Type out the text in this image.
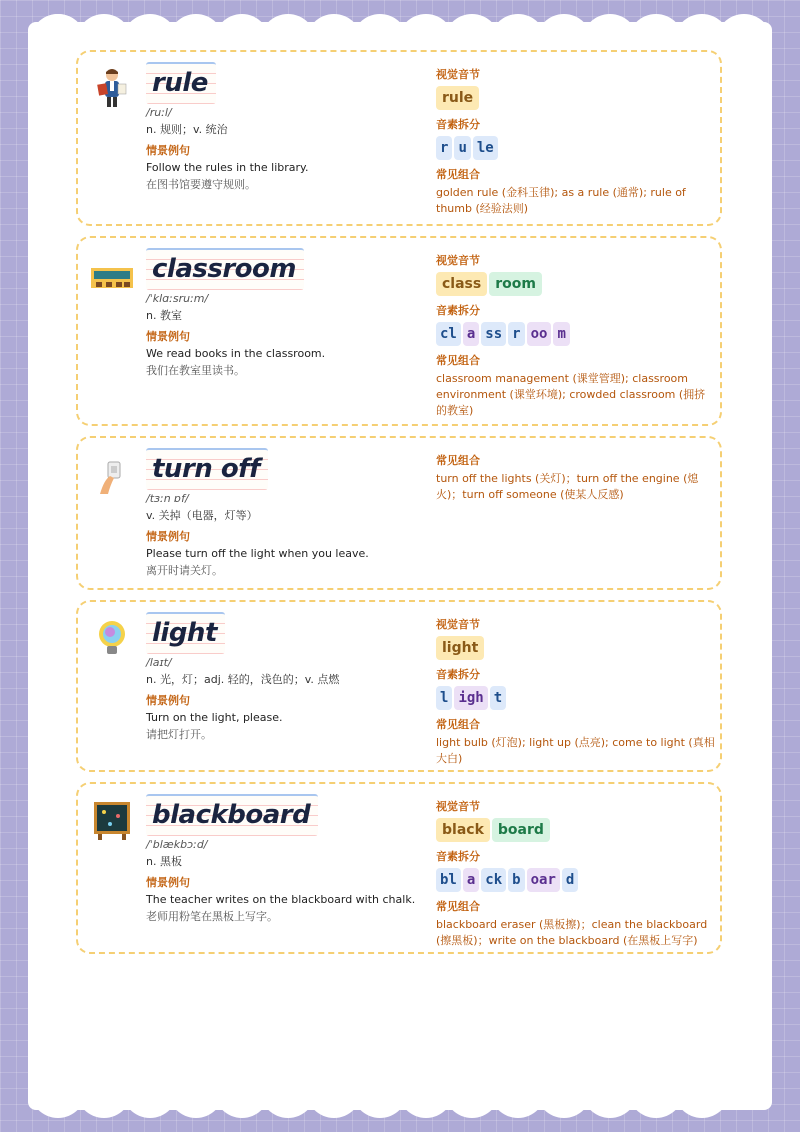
rule
/ruːl/
n. 规则；v. 统治
情景例句
Follow the rules in the library.
在图书馆要遵守规则。
视觉音节
rule
音素拆分
r u le
常见组合
golden rule (金科玉律); as a rule (通常); rule of thumb (经验法则)
classroom
/ˈklɑːsruːm/
n. 教室
情景例句
We read books in the classroom.
我们在教室里读书。
视觉音节
class room
音素拆分
cl a ss r oo m
常见组合
classroom management (课堂管理); classroom environment (课堂环境); crowded classroom (拥挤的教室)
turn off
/tɜːn ɒf/
v. 关掉（电器，灯等）
情景例句
Please turn off the light when you leave.
离开时请关灯。
常见组合
turn off the lights (关灯)；turn off the engine (熄火)；turn off someone (使某人反感)
light
/laɪt/
n. 光，灯；adj. 轻的，浅色的；v. 点燃
情景例句
Turn on the light, please.
请把灯打开。
视觉音节
light
音素拆分
l igh t
常见组合
light bulb (灯泡); light up (点亮); come to light (真相大白)
blackboard
/ˈblækbɔːd/
n. 黑板
情景例句
The teacher writes on the blackboard with chalk.
老师用粉笔在黑板上写字。
视觉音节
black board
音素拆分
bl a ck b oar d
常见组合
blackboard eraser (黑板擦)；clean the blackboard (擦黑板)；write on the blackboard (在黑板上写字)
